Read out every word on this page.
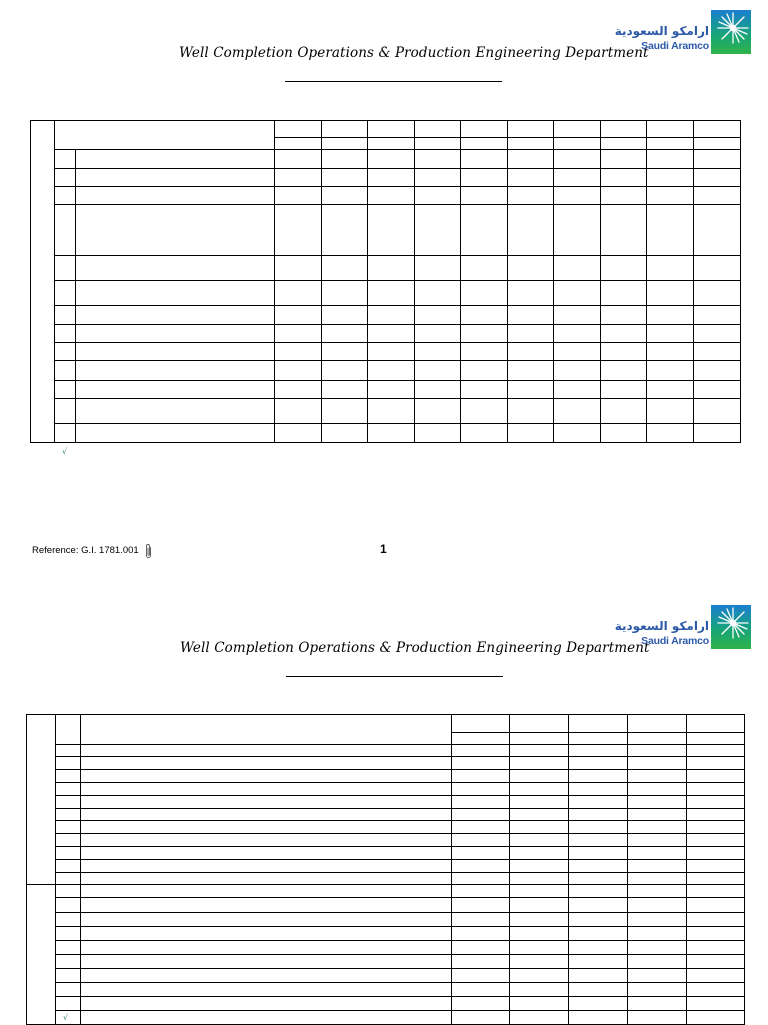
Well Completion Operations & Production Engineering Department
ارامكو السعودية
Saudi Aramco

√
Reference: G.I. 1781.001	1
Well Completion Operations & Production Engineering Department
ارامكو السعودية
Saudi Aramco

√
